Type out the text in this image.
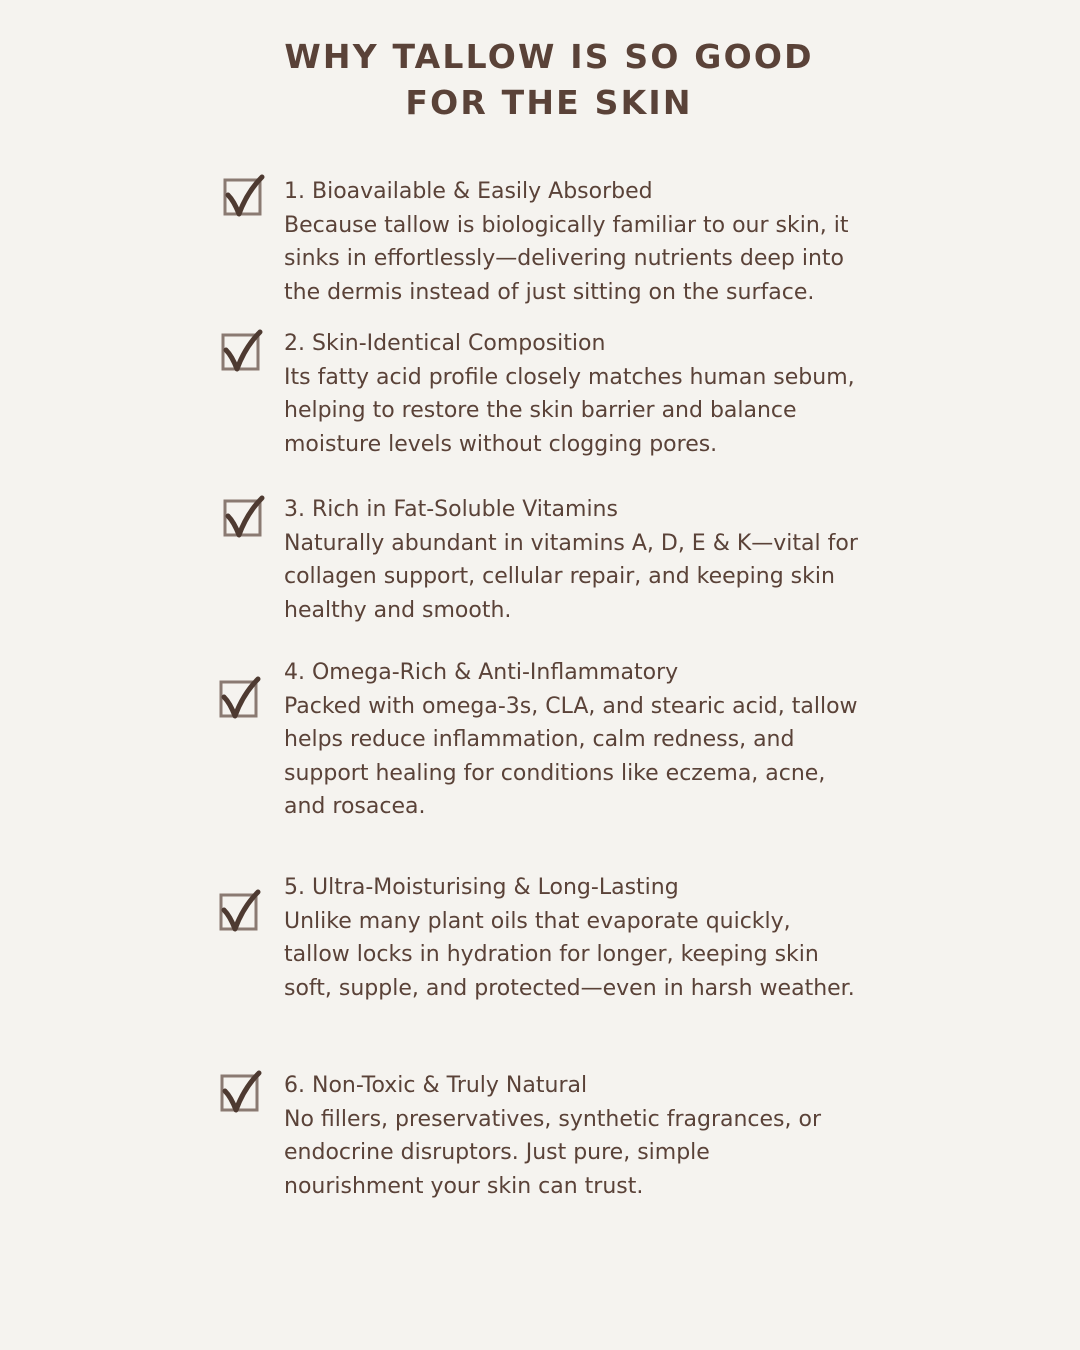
WHY TALLOW IS SO GOOD
FOR THE SKIN
1. Bioavailable & Easily Absorbed
Because tallow is biologically familiar to our skin, it
sinks in effortlessly—delivering nutrients deep into
the dermis instead of just sitting on the surface.
2. Skin-Identical Composition
Its fatty acid profile closely matches human sebum,
helping to restore the skin barrier and balance
moisture levels without clogging pores.
3. Rich in Fat-Soluble Vitamins
Naturally abundant in vitamins A, D, E & K—vital for
collagen support, cellular repair, and keeping skin
healthy and smooth.
4. Omega-Rich & Anti-Inflammatory
Packed with omega-3s, CLA, and stearic acid, tallow
helps reduce inflammation, calm redness, and
support healing for conditions like eczema, acne,
and rosacea.
5. Ultra-Moisturising & Long-Lasting
Unlike many plant oils that evaporate quickly,
tallow locks in hydration for longer, keeping skin
soft, supple, and protected—even in harsh weather.
6. Non-Toxic & Truly Natural
No fillers, preservatives, synthetic fragrances, or
endocrine disruptors. Just pure, simple
nourishment your skin can trust.
